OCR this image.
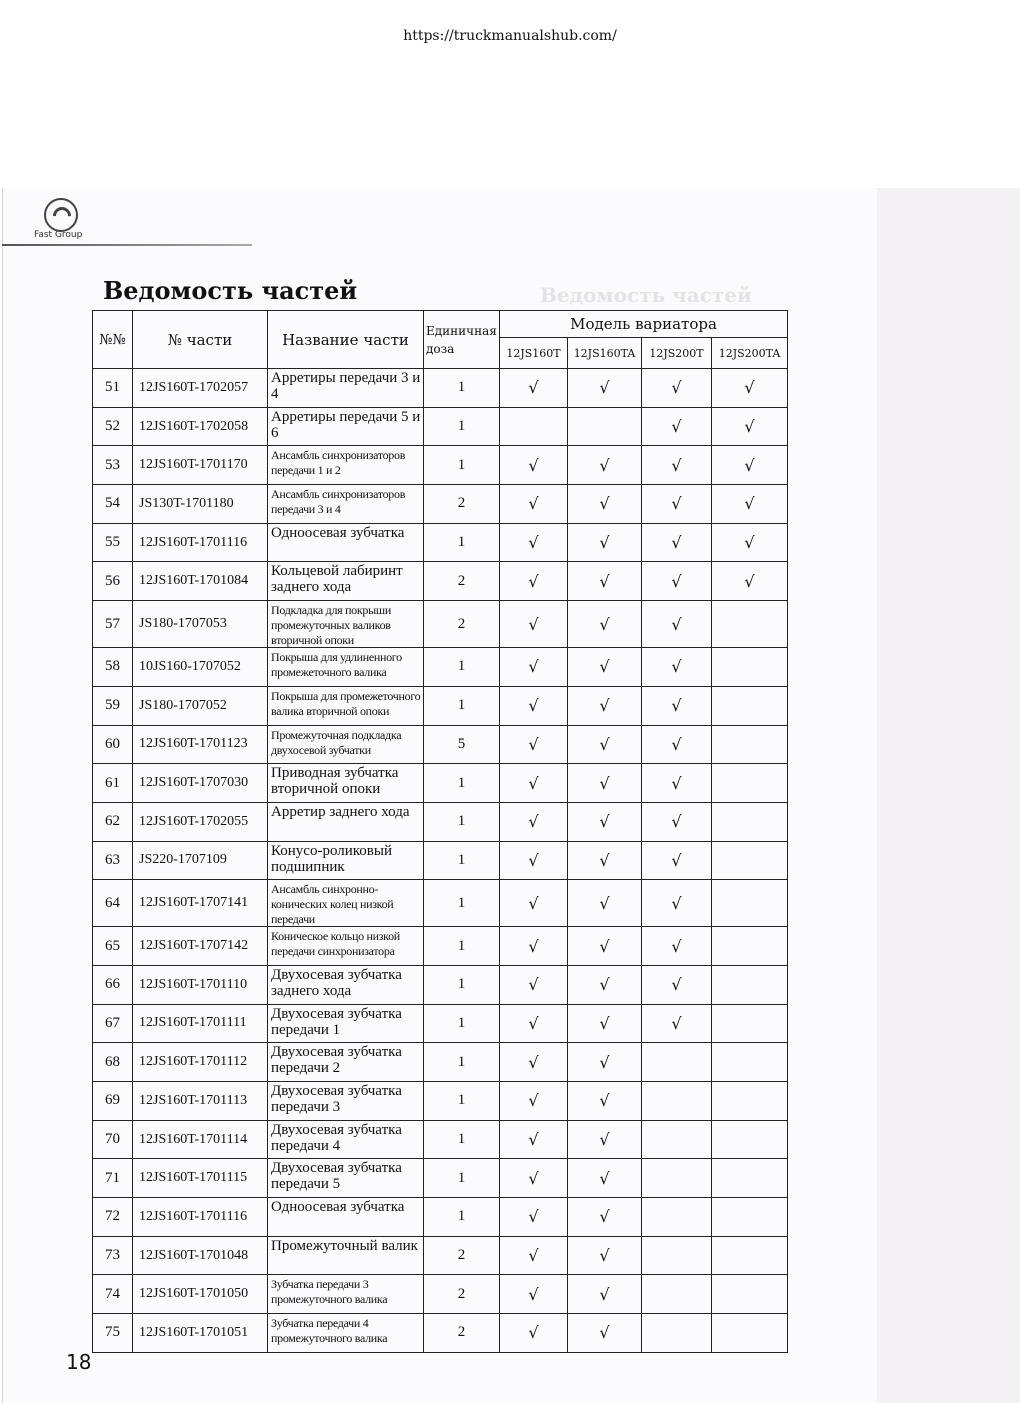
https://truckmanualshub.com/
Fast Group
Ведомость частей
Ведомость частей
№№	№ части	Название части	Единичная доза	Модель вариатора			
				12JS160T	12JS160TA	12JS200T	12JS200TA
51	12JS160T-1702057	Арретиры передачи 3 и 4	1	√	√	√	√
52	12JS160T-1702058	Арретиры передачи 5 и 6	1			√	√
53	12JS160T-1701170	Ансамбль синхронизаторов передачи 1 и 2	1	√	√	√	√
54	JS130T-1701180	Ансамбль синхронизаторов передачи 3 и 4	2	√	√	√	√
55	12JS160T-1701116	Одноосевая зубчатка	1	√	√	√	√
56	12JS160T-1701084	Кольцевой лабиринт заднего хода	2	√	√	√	√
57	JS180-1707053	Подкладка для покрыши промежуточных валиков вторичной опоки	2	√	√	√	
58	10JS160-1707052	Покрыша для удлиненного промежеточного валика	1	√	√	√	
59	JS180-1707052	Покрыша для промежеточного валика вторичной опоки	1	√	√	√	
60	12JS160T-1701123	Промежуточная подкладка двухосевой зубчатки	5	√	√	√	
61	12JS160T-1707030	Приводная зубчатка вторичной опоки	1	√	√	√	
62	12JS160T-1702055	Арретир заднего хода	1	√	√	√	
63	JS220-1707109	Конусо-роликовый подшипник	1	√	√	√	
64	12JS160T-1707141	Ансамбль синхронно-конических колец низкой передачи	1	√	√	√	
65	12JS160T-1707142	Коническое кольцо низкой передачи синхронизатора	1	√	√	√	
66	12JS160T-1701110	Двухосевая зубчатка заднего хода	1	√	√	√	
67	12JS160T-1701111	Двухосевая зубчатка передачи 1	1	√	√	√	
68	12JS160T-1701112	Двухосевая зубчатка передачи 2	1	√	√		
69	12JS160T-1701113	Двухосевая зубчатка передачи 3	1	√	√		
70	12JS160T-1701114	Двухосевая зубчатка передачи 4	1	√	√		
71	12JS160T-1701115	Двухосевая зубчатка передачи 5	1	√	√		
72	12JS160T-1701116	Одноосевая зубчатка	1	√	√		
73	12JS160T-1701048	Промежуточный валик	2	√	√		
74	12JS160T-1701050	Зубчатка передачи 3 промежуточного валика	2	√	√		
75	12JS160T-1701051	Зубчатка передачи 4 промежуточного валика	2	√	√		
18
